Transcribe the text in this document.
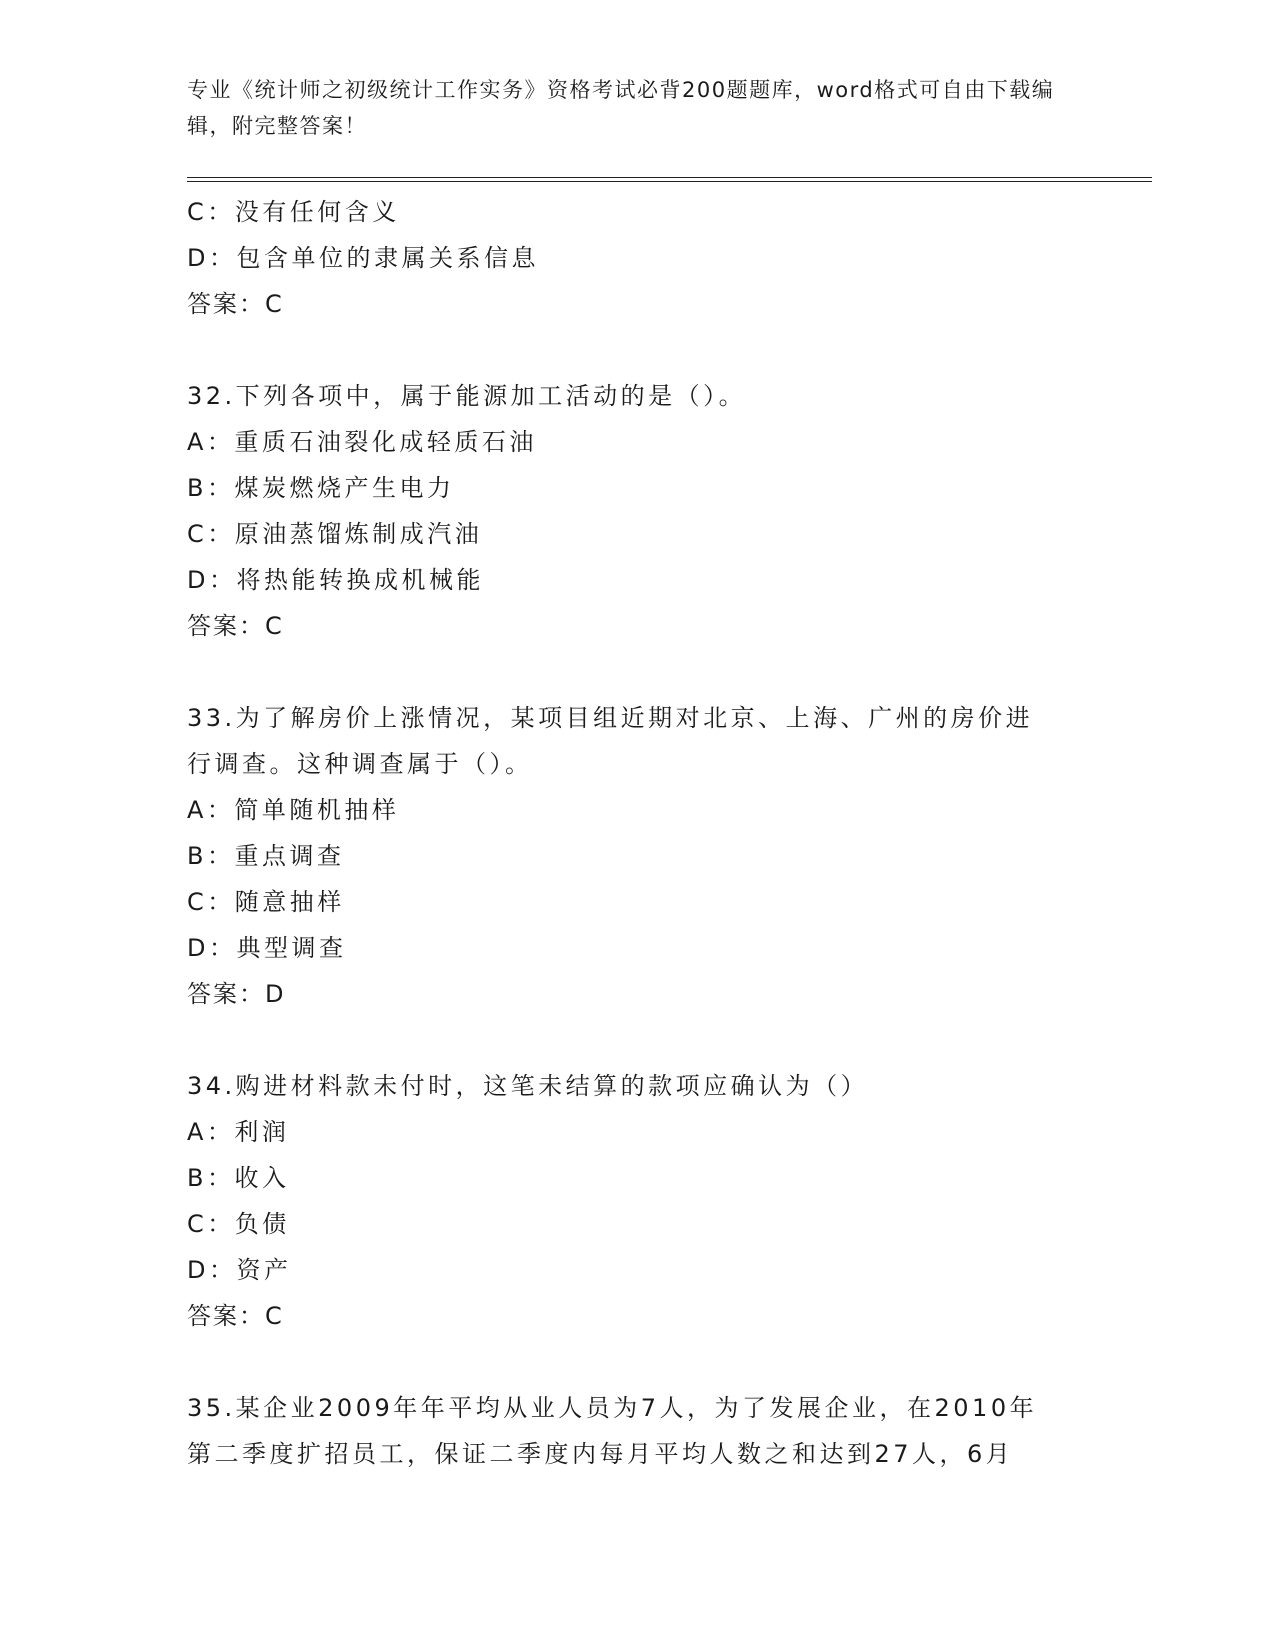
专业《统计师之初级统计工作实务》资格考试必背200题题库，word格式可自由下载编辑，附完整答案！
C：没有任何含义
D：包含单位的隶属关系信息
答案：C
32.下列各项中，属于能源加工活动的是（）。
A：重质石油裂化成轻质石油
B：煤炭燃烧产生电力
C：原油蒸馏炼制成汽油
D：将热能转换成机械能
答案：C
33.为了解房价上涨情况，某项目组近期对北京、上海、广州的房价进
行调查。这种调查属于（）。
A：简单随机抽样
B：重点调查
C：随意抽样
D：典型调查
答案：D
34.购进材料款未付时，这笔未结算的款项应确认为（）
A：利润
B：收入
C：负债
D：资产
答案：C
35.某企业2009年年平均从业人员为7人，为了发展企业，在2010年
第二季度扩招员工，保证二季度内每月平均人数之和达到27人，6月
